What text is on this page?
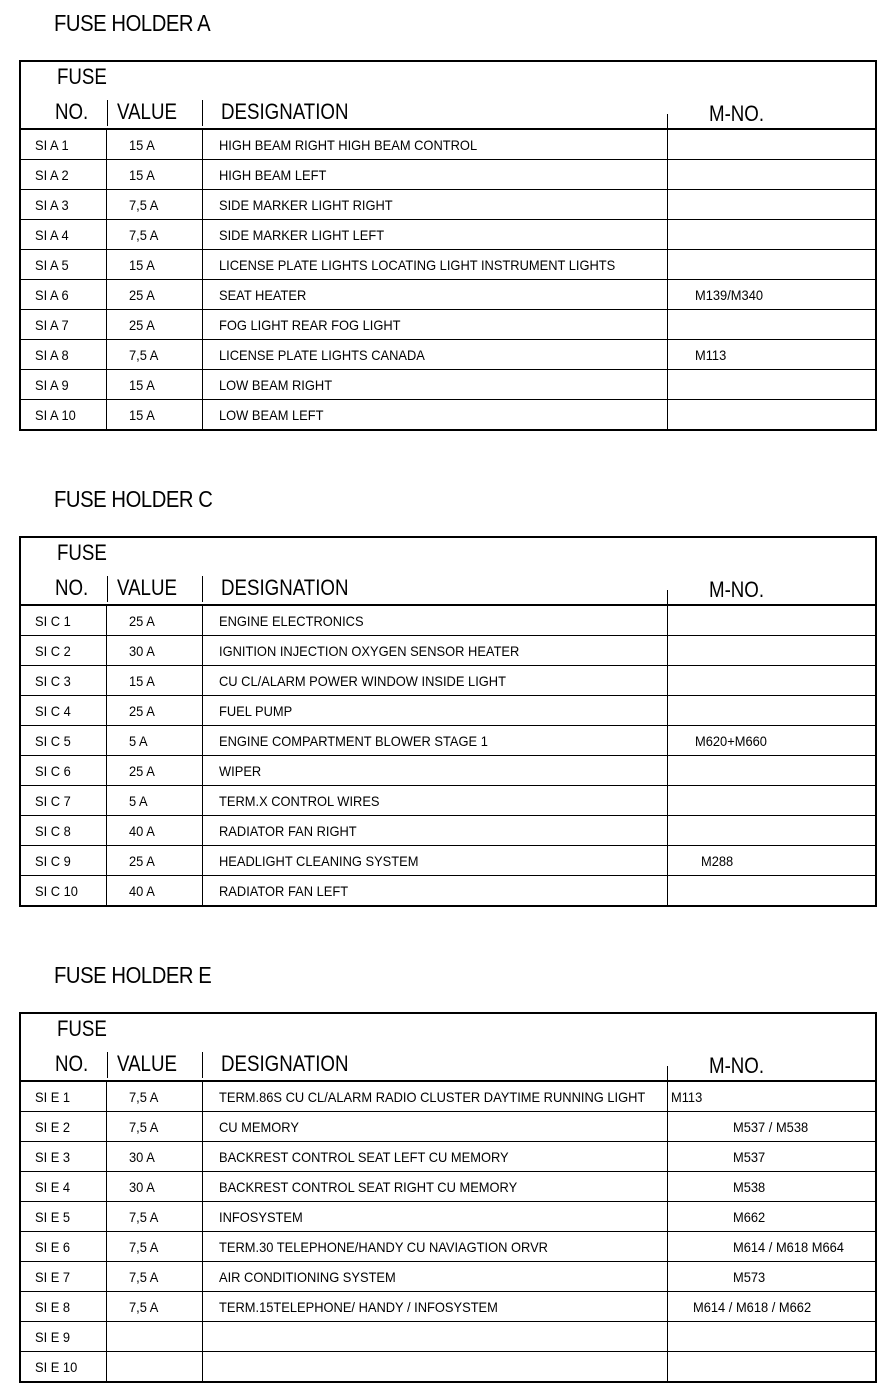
FUSE HOLDER A
FUSE
NO. VALUE DESIGNATION	M-NO.
SI A 1	15 A	HIGH BEAM RIGHT HIGH BEAM CONTROL
SI A 2	15 A	HIGH BEAM LEFT
SI A 3	7,5 A	SIDE MARKER LIGHT RIGHT
SI A 4	7,5 A	SIDE MARKER LIGHT LEFT
SI A 5	15 A	LICENSE PLATE LIGHTS LOCATING LIGHT INSTRUMENT LIGHTS
SI A 6	25 A	SEAT HEATER	M139/M340
SI A 7	25 A	FOG LIGHT REAR FOG LIGHT
SI A 8	7,5 A	LICENSE PLATE LIGHTS CANADA	M113
SI A 9	15 A	LOW BEAM RIGHT
SI A 10	15 A	LOW BEAM LEFT
FUSE HOLDER C
FUSE
NO. VALUE DESIGNATION	M-NO.
SI C 1	25 A	ENGINE ELECTRONICS
SI C 2	30 A	IGNITION INJECTION OXYGEN SENSOR HEATER
SI C 3	15 A	CU CL/ALARM POWER WINDOW INSIDE LIGHT
SI C 4	25 A	FUEL PUMP
SI C 5	5 A	ENGINE COMPARTMENT BLOWER STAGE 1	M620+M660
SI C 6	25 A	WIPER
SI C 7	5 A	TERM.X CONTROL WIRES
SI C 8	40 A	RADIATOR FAN RIGHT
SI C 9	25 A	HEADLIGHT CLEANING SYSTEM	M288
SI C 10	40 A	RADIATOR FAN LEFT
FUSE HOLDER E
FUSE
NO. VALUE DESIGNATION	M-NO.
SI E 1	7,5 A	TERM.86S CU CL/ALARM RADIO CLUSTER DAYTIME RUNNING LIGHT M113
SI E 2	7,5 A	CU MEMORY	M537 / M538
SI E 3	30 A	BACKREST CONTROL SEAT LEFT CU MEMORY	M537
SI E 4	30 A	BACKREST CONTROL SEAT RIGHT CU MEMORY	M538
SI E 5	7,5 A	INFOSYSTEM	M662
SI E 6	7,5 A	TERM.30 TELEPHONE/HANDY CU NAVIAGTION ORVR	M614 / M618 M664
SI E 7	7,5 A	AIR CONDITIONING SYSTEM	M573
SI E 8	7,5 A	TERM.15TELEPHONE/ HANDY / INFOSYSTEM	M614 / M618 / M662
SI E 9
SI E 10
